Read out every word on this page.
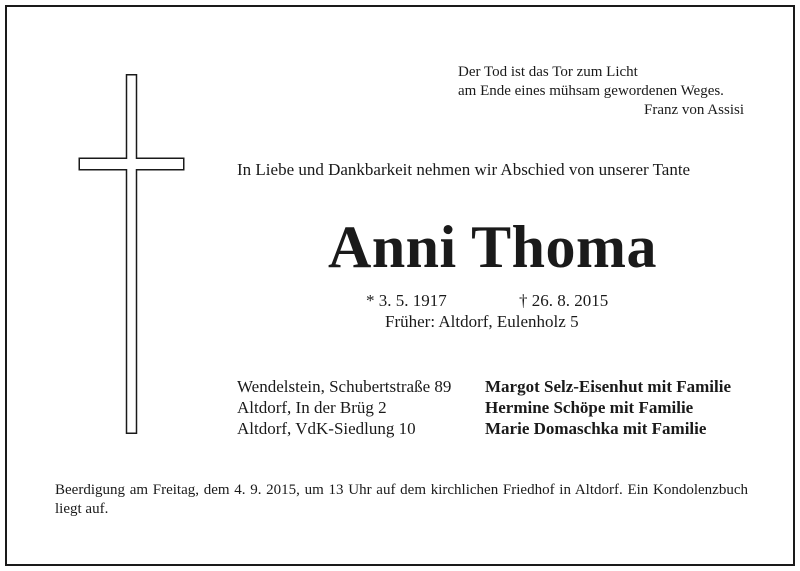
Der Tod ist das Tor zum Licht
am Ende eines mühsam gewordenen Weges.
Franz von Assisi
In Liebe und Dankbarkeit nehmen wir Abschied von unserer Tante
Anni Thoma
* 3. 5. 1917	† 26. 8. 2015
Früher: Altdorf, Eulenholz 5
Wendelstein, Schubertstraße 89	Margot Selz-Eisenhut mit Familie
Altdorf, In der Brüg 2	Hermine Schöpe mit Familie
Altdorf, VdK-Siedlung 10	Marie Domaschka mit Familie
Beerdigung am Freitag, dem 4. 9. 2015, um 13 Uhr auf dem kirchlichen Friedhof in Altdorf. Ein Kondolenzbuch liegt auf.
